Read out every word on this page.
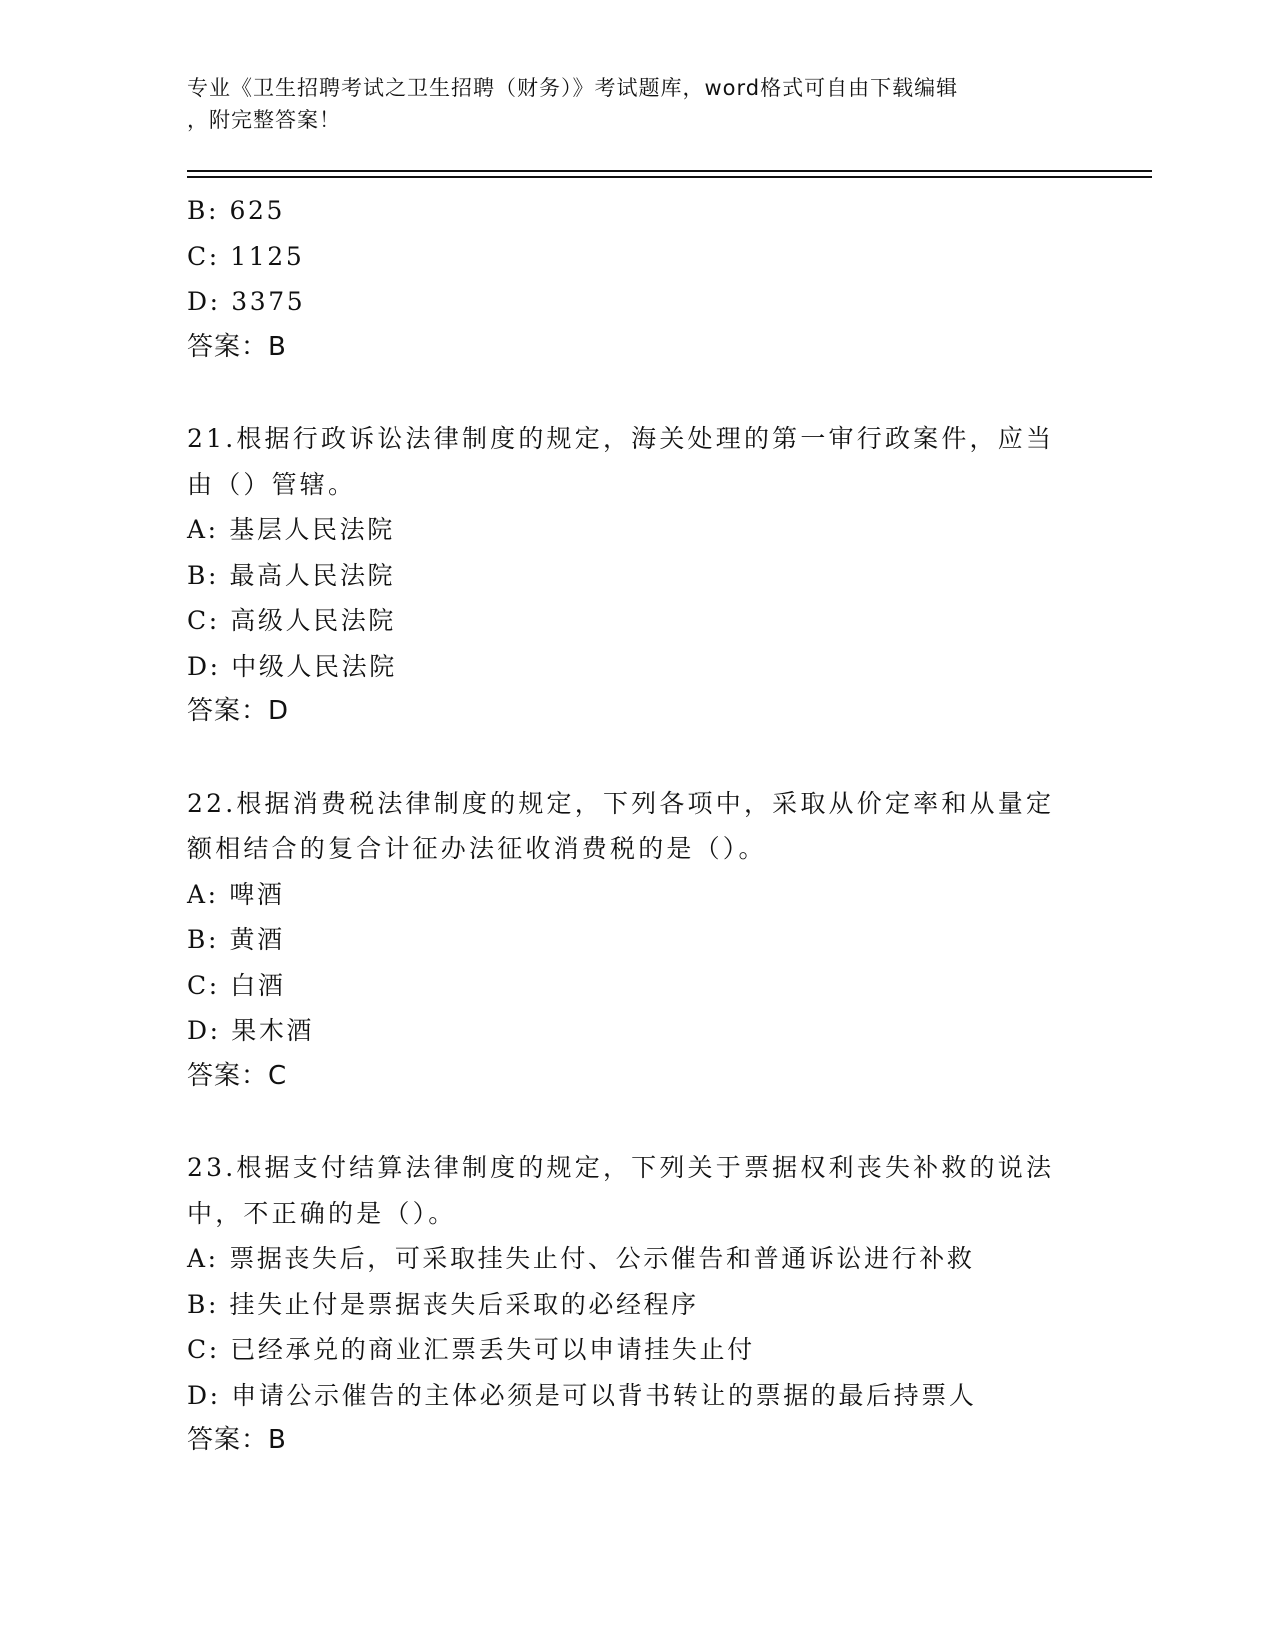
专业《卫生招聘考试之卫生招聘（财务）》考试题库，word格式可自由下载编辑
，附完整答案！
B: 625
C: 1125
D: 3375
答案：B
21.根据行政诉讼法律制度的规定，海关处理的第一审行政案件，应当
由（）管辖。
A: 基层人民法院
B: 最高人民法院
C: 高级人民法院
D: 中级人民法院
答案：D
22.根据消费税法律制度的规定，下列各项中，采取从价定率和从量定
额相结合的复合计征办法征收消费税的是（）。
A: 啤酒
B: 黄酒
C: 白酒
D: 果木酒
答案：C
23.根据支付结算法律制度的规定，下列关于票据权利丧失补救的说法
中，不正确的是（）。
A: 票据丧失后，可采取挂失止付、公示催告和普通诉讼进行补救
B: 挂失止付是票据丧失后采取的必经程序
C: 已经承兑的商业汇票丢失可以申请挂失止付
D: 申请公示催告的主体必须是可以背书转让的票据的最后持票人
答案：B
